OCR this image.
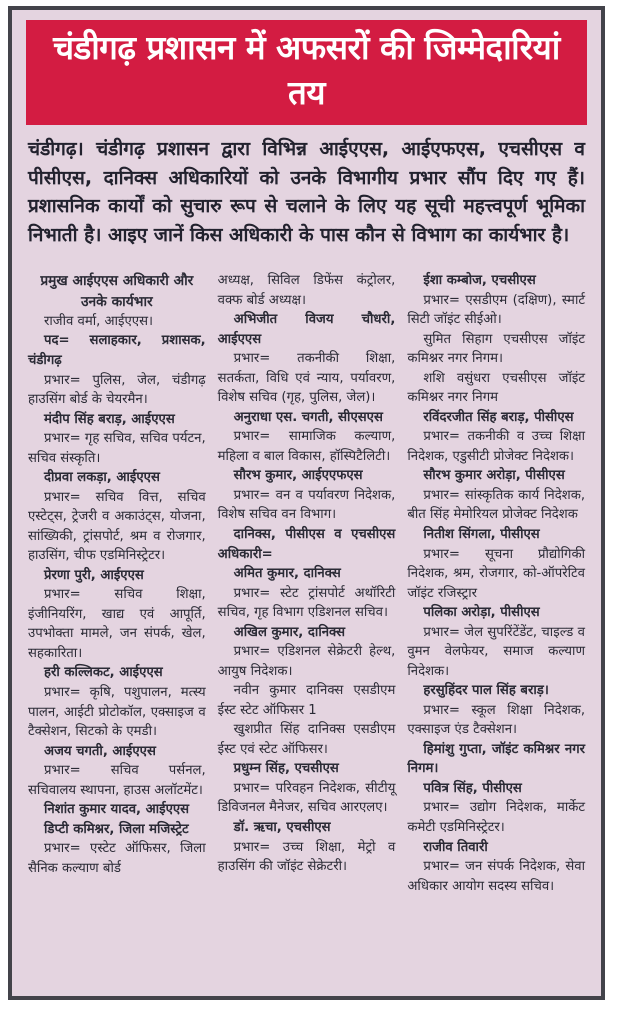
चंडीगढ़ प्रशासन में अफसरों की जिम्मेदारियां तय

चंडीगढ़। चंडीगढ़ प्रशासन द्वारा विभिन्न आईएएस, आईएफएस, एचसीएस व पीसीएस, दानिक्स अधिकारियों को उनके विभागीय प्रभार सौंप दिए गए हैं। प्रशासनिक कार्यों को सुचारु रूप से चलाने के लिए यह सूची महत्त्वपूर्ण भूमिका निभाती है। आइए जानें किस अधिकारी के पास कौन से विभाग का कार्यभार है।

प्रमुख आईएएस अधिकारी और उनके कार्यभार

राजीव वर्मा, आईएएस।

पद= सलाहकार, प्रशासक, चंडीगढ़

प्रभार= पुलिस, जेल, चंडीगढ़ हाउसिंग बोर्ड के चेयरमैन।

मंदीप सिंह बराड़, आईएएस

प्रभार= गृह सचिव, सचिव पर्यटन, सचिव संस्कृति।

दीप्रवा लकड़ा, आईएएस

प्रभार= सचिव वित्त, सचिव एस्टेट्स, ट्रेजरी व अकाउंट्स, योजना, सांख्यिकी, ट्रांसपोर्ट, श्रम व रोजगार, हाउसिंग, चीफ एडमिनिस्ट्रेटर।

प्रेरणा पुरी, आईएएस

प्रभार= सचिव शिक्षा, इंजीनियरिंग, खाद्य एवं आपूर्ति, उपभोक्ता मामले, जन संपर्क, खेल, सहकारिता।

हरी कल्लिकट, आईएएस

प्रभार= कृषि, पशुपालन, मत्स्य पालन, आईटी प्रोटोकॉल, एक्साइज व टैक्सेशन, सिटको के एमडी।

अजय चगती, आईएएस

प्रभार= सचिव पर्सनल, सचिवालय स्थापना, हाउस अलॉटमेंट।

निशांत कुमार यादव, आईएएस

डिप्टी कमिश्नर, जिला मजिस्ट्रेट

प्रभार= एस्टेट ऑफिसर, जिला सैनिक कल्याण बोर्ड

अध्यक्ष, सिविल डिफेंस कंट्रोलर, वक्फ बोर्ड अध्यक्ष।

अभिजीत विजय चौधरी, आईएएस

प्रभार= तकनीकी शिक्षा, सतर्कता, विधि एवं न्याय, पर्यावरण, विशेष सचिव (गृह, पुलिस, जेल)।

अनुराधा एस. चगती, सीएसएस

प्रभार= सामाजिक कल्याण, महिला व बाल विकास, हॉस्पिटैलिटी।

सौरभ कुमार, आईएएफएस

प्रभार= वन व पर्यावरण निदेशक, विशेष सचिव वन विभाग।

दानिक्स, पीसीएस व एचसीएस अधिकारी=

अमित कुमार, दानिक्स

प्रभार= स्टेट ट्रांसपोर्ट अथॉरिटी सचिव, गृह विभाग एडिशनल सचिव।

अखिल कुमार, दानिक्स

प्रभार= एडिशनल सेक्रेटरी हेल्थ, आयुष निदेशक।

नवीन कुमार दानिक्स एसडीएम ईस्ट स्टेट ऑफिसर 1

खुशप्रीत सिंह दानिक्स एसडीएम ईस्ट एवं स्टेट ऑफिसर।

प्रधुम्न सिंह, एचसीएस

प्रभार= परिवहन निदेशक, सीटीयू डिविजनल मैनेजर, सचिव आरएलए।

डॉ. ऋचा, एचसीएस

प्रभार= उच्च शिक्षा, मेट्रो व हाउसिंग की जॉइंट सेक्रेटरी।

ईशा कम्बोज, एचसीएस

प्रभार= एसडीएम (दक्षिण), स्मार्ट सिटी जॉइंट सीईओ।

सुमित सिहाग एचसीएस जॉइंट कमिश्नर नगर निगम।

शशि वसुंधरा एचसीएस जॉइंट कमिश्नर नगर निगम

रविंदरजीत सिंह बराड़, पीसीएस

प्रभार= तकनीकी व उच्च शिक्षा निदेशक, एडुसीटी प्रोजेक्ट निदेशक।

सौरभ कुमार अरोड़ा, पीसीएस

प्रभार= सांस्कृतिक कार्य निदेशक, बीत सिंह मेमोरियल प्रोजेक्ट निदेशक

नितीश सिंगला, पीसीएस

प्रभार= सूचना प्रौद्योगिकी निदेशक, श्रम, रोजगार, को-ऑपरेटिव जॉइंट रजिस्ट्रार

पलिका अरोड़ा, पीसीएस

प्रभार= जेल सुपरिंटेंडेंट, चाइल्ड व वुमन वेलफेयर, समाज कल्याण निदेशक।

हरसुहिंदर पाल सिंह बराड़।

प्रभार= स्कूल शिक्षा निदेशक, एक्साइज एंड टैक्सेशन।

हिमांशु गुप्ता, जॉइंट कमिश्नर नगर निगम।

पवित्र सिंह, पीसीएस

प्रभार= उद्योग निदेशक, मार्केट कमेटी एडमिनिस्ट्रेटर।

राजीव तिवारी

प्रभार= जन संपर्क निदेशक, सेवा अधिकार आयोग सदस्य सचिव।
